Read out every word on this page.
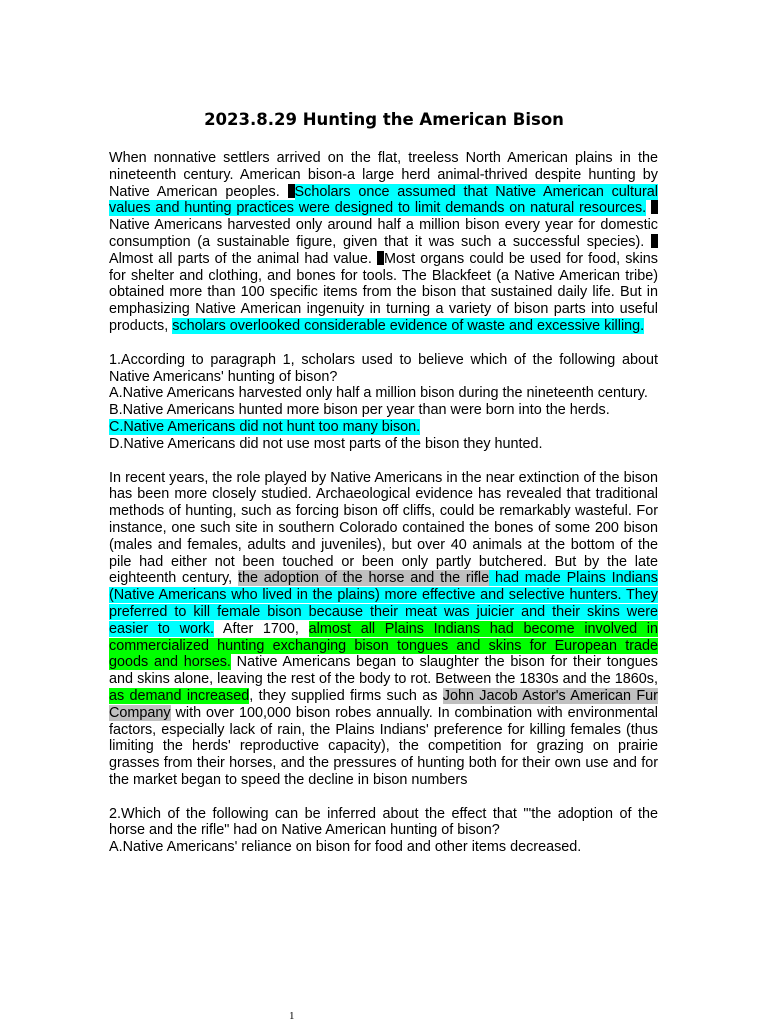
2023.8.29 Hunting the American Bison

When nonnative settlers arrived on the flat, treeless North American plains in the nineteenth century. American bison-a large herd animal-thrived despite hunting by Native American peoples. Scholars once assumed that Native American cultural values and hunting practices were designed to limit demands on natural resources. Native Americans harvested only around half a million bison every year for domestic consumption (a sustainable figure, given that it was such a successful species). Almost all parts of the animal had value. Most organs could be used for food, skins for shelter and clothing, and bones for tools. The Blackfeet (a Native American tribe) obtained more than 100 specific items from the bison that sustained daily life. But in emphasizing Native American ingenuity in turning a variety of bison parts into useful products, scholars overlooked considerable evidence of waste and excessive killing.

1.According to paragraph 1, scholars used to believe which of the following about Native Americans' hunting of bison?

A.Native Americans harvested only half a million bison during the nineteenth century.

B.Native Americans hunted more bison per year than were born into the herds.

C.Native Americans did not hunt too many bison.

D.Native Americans did not use most parts of the bison they hunted.

In recent years, the role played by Native Americans in the near extinction of the bison has been more closely studied. Archaeological evidence has revealed that traditional methods of hunting, such as forcing bison off cliffs, could be remarkably wasteful. For instance, one such site in southern Colorado contained the bones of some 200 bison (males and females, adults and juveniles), but over 40 animals at the bottom of the pile had either not been touched or been only partly butchered. But by the late eighteenth century, the adoption of the horse and the rifle had made Plains Indians (Native Americans who lived in the plains) more effective and selective hunters. They preferred to kill female bison because their meat was juicier and their skins were easier to work. After 1700, almost all Plains Indians had become involved in commercialized hunting exchanging bison tongues and skins for European trade goods and horses. Native Americans began to slaughter the bison for their tongues and skins alone, leaving the rest of the body to rot. Between the 1830s and the 1860s, as demand increased, they supplied firms such as John Jacob Astor's American Fur Company with over 100,000 bison robes annually. In combination with environmental factors, especially lack of rain, the Plains Indians' preference for killing females (thus limiting the herds' reproductive capacity), the competition for grazing on prairie grasses from their horses, and the pressures of hunting both for their own use and for the market began to speed the decline in bison numbers

2.Which of the following can be inferred about the effect that "'the adoption of the horse and the rifle" had on Native American hunting of bison?

A.Native Americans' reliance on bison for food and other items decreased.

1
